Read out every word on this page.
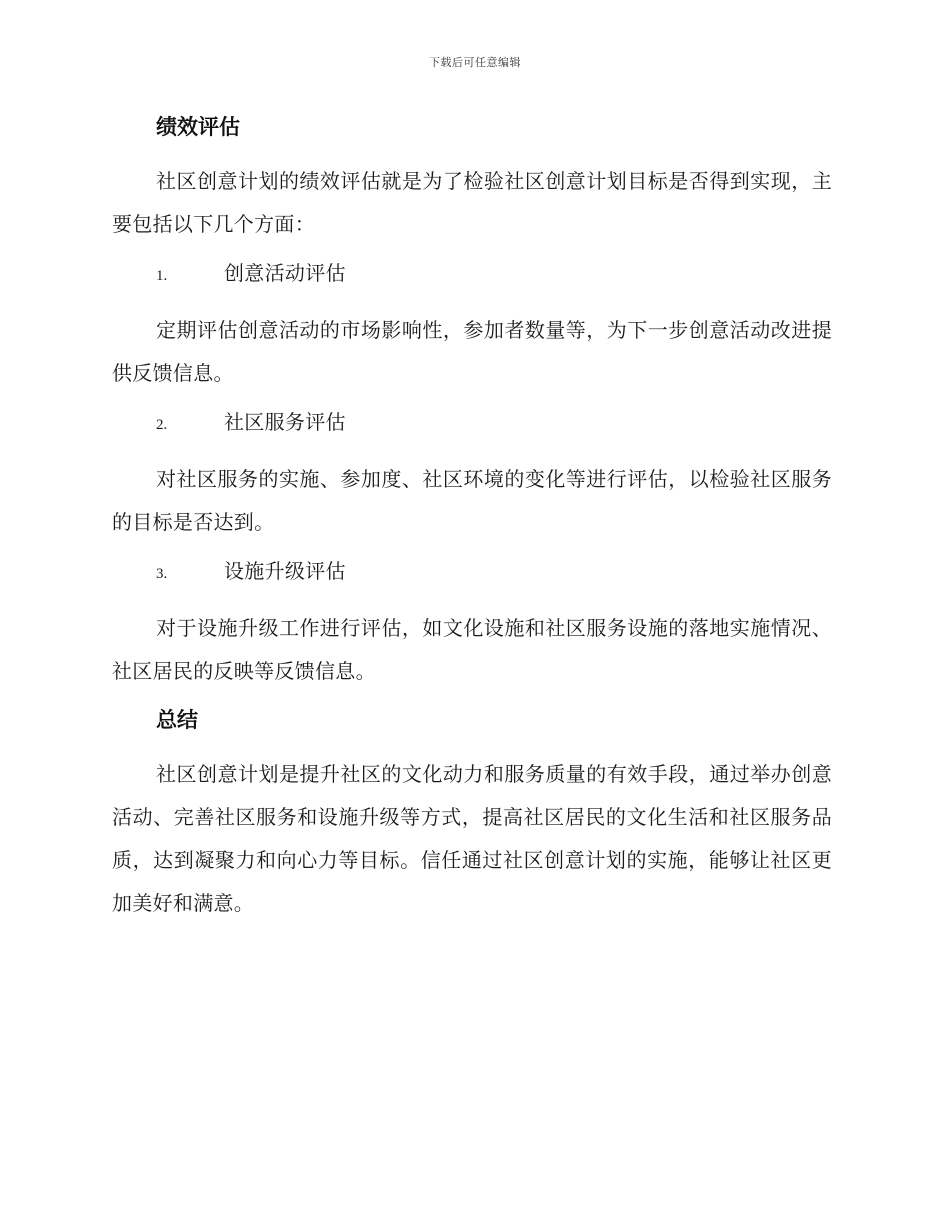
下载后可任意编辑
绩效评估

社区创意计划的绩效评估就是为了检验社区创意计划目标是否得到实现，主要包括以下几个方面：

1.	创意活动评估

定期评估创意活动的市场影响性，参加者数量等，为下一步创意活动改进提供反馈信息。

2.	社区服务评估

对社区服务的实施、参加度、社区环境的变化等进行评估，以检验社区服务的目标是否达到。

3.	设施升级评估

对于设施升级工作进行评估，如文化设施和社区服务设施的落地实施情况、社区居民的反映等反馈信息。

总结

社区创意计划是提升社区的文化动力和服务质量的有效手段，通过举办创意活动、完善社区服务和设施升级等方式，提高社区居民的文化生活和社区服务品质，达到凝聚力和向心力等目标。信任通过社区创意计划的实施，能够让社区更加美好和满意。
